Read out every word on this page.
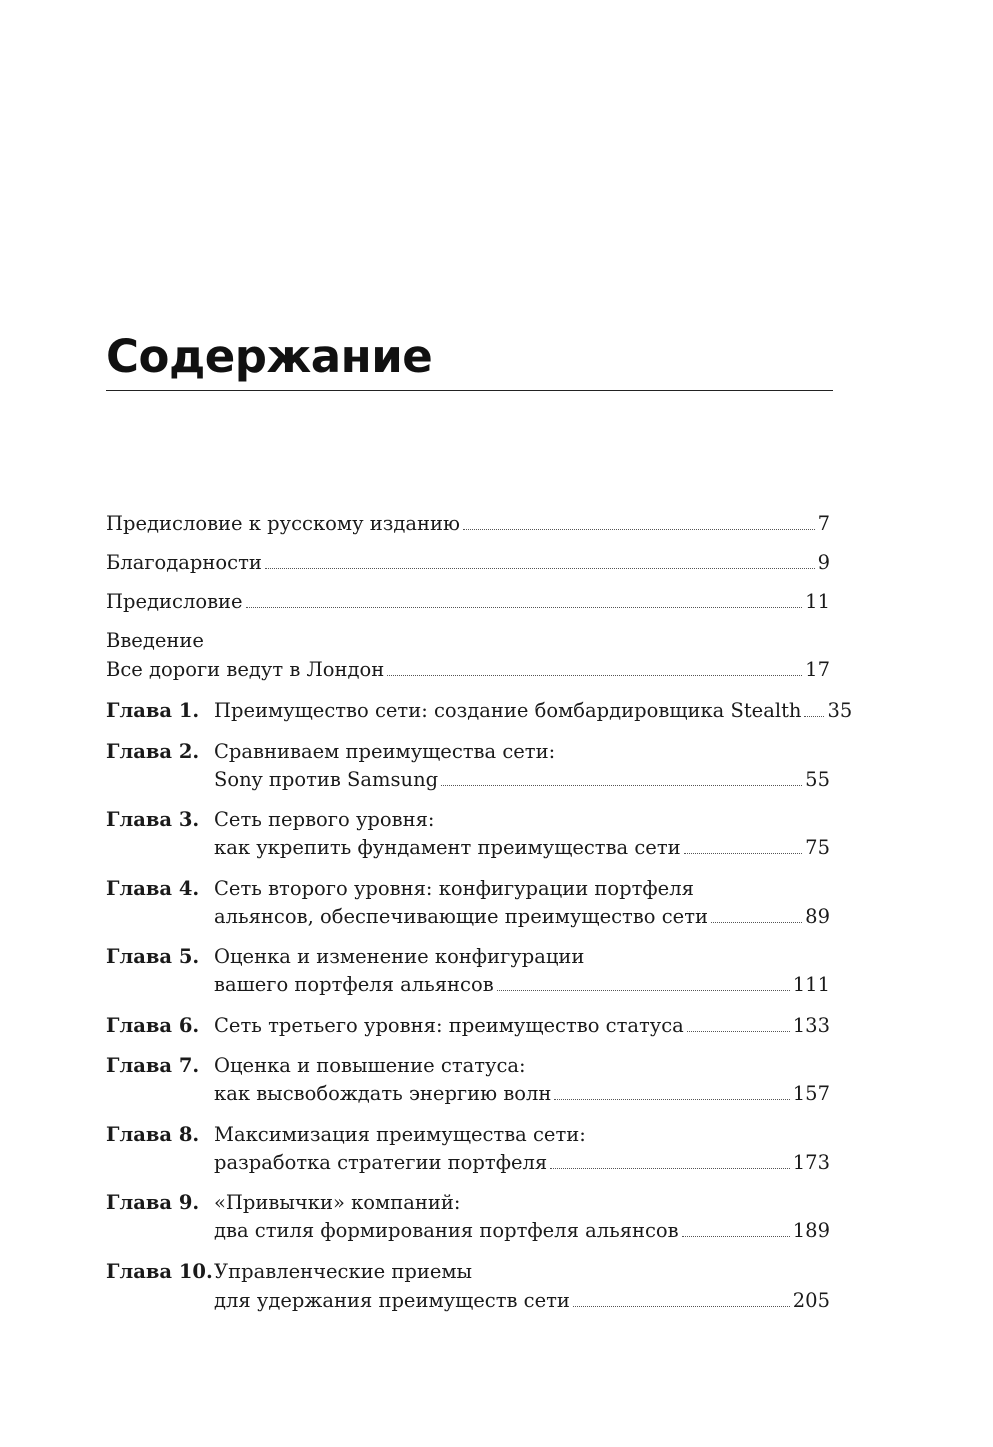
Содержание
Предисловие к русскому изданию	7
Благодарности	9
Предисловие	11
Введение
Все дороги ведут в Лондон	17
Глава 1. Преимущество сети: создание бомбардировщика Stealth 35
Глава 2. Сравниваем преимущества сети:
Sony против Samsung	55
Глава 3. Сеть первого уровня:
как укрепить фундамент преимущества сети	75
Глава 4. Сеть второго уровня: конфигурации портфеля
альянсов, обеспечивающие преимущество сети	89
Глава 5. Оценка и изменение конфигурации
вашего портфеля альянсов	111
Глава 6. Сеть третьего уровня: преимущество статуса	133
Глава 7. Оценка и повышение статуса:
как высвобождать энергию волн	157
Глава 8. Максимизация преимущества сети:
разработка стратегии портфеля	173
Глава 9. «Привычки» компаний:
два стиля формирования портфеля альянсов	189
Глава 10. Управленческие приемы
для удержания преимуществ сети	205
